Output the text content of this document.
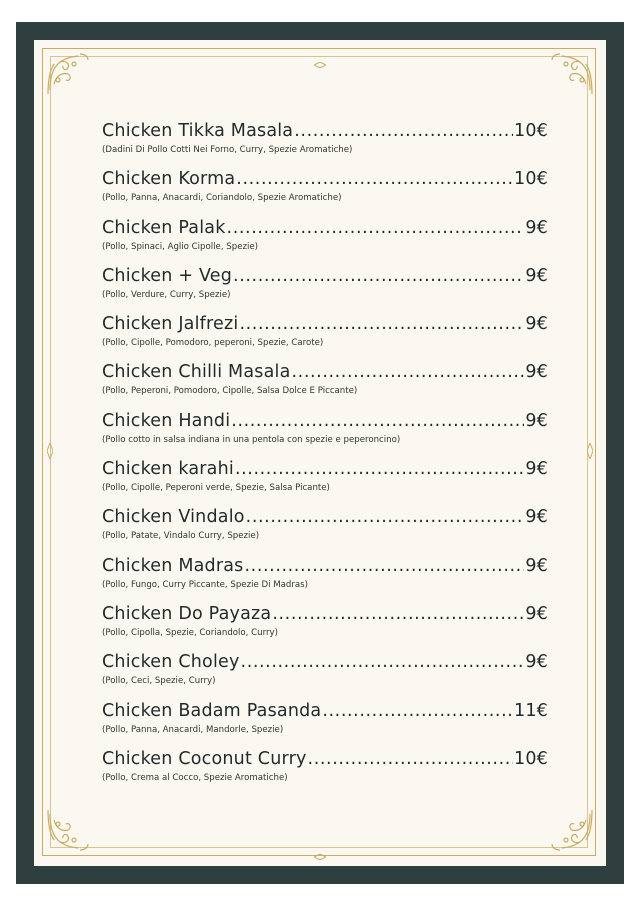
Chicken Tikka Masala .....	10€
(Dadini Di Pollo Cotti Nei Forno, Curry, Spezie Aromatiche)
Chicken Korma .....	10€
(Pollo, Panna, Anacardi, Coriandolo, Spezie Aromatiche)
Chicken Palak .....	9€
(Pollo, Spinaci, Aglio Cipolle, Spezie)
Chicken + Veg .....	9€
(Pollo, Verdure, Curry, Spezie)
Chicken Jalfrezi .....	9€
(Pollo, Cipolle, Pomodoro, peperoni, Spezie, Carote)
Chicken Chilli Masala .....	9€
(Pollo, Peperoni, Pomodoro, Cipolle, Salsa Dolce E Piccante)
Chicken Handi .....	9€
(Pollo cotto in salsa indiana in una pentola con spezie e peperoncino)
Chicken karahi .....	9€
(Pollo, Cipolle, Peperoni verde, Spezie, Salsa Picante)
Chicken Vindalo .....	9€
(Pollo, Patate, Vindalo Curry, Spezie)
Chicken Madras .....	9€
(Pollo, Fungo, Curry Piccante, Spezie Di Madras)
Chicken Do Payaza .....	9€
(Pollo, Cipolla, Spezie, Coriandolo, Curry)
Chicken Choley .....	9€
(Pollo, Ceci, Spezie, Curry)
Chicken Badam Pasanda .....	11€
(Pollo, Panna, Anacardi, Mandorle, Spezie)
Chicken Coconut Curry .....	10€
(Pollo, Crema al Cocco, Spezie Aromatiche)
